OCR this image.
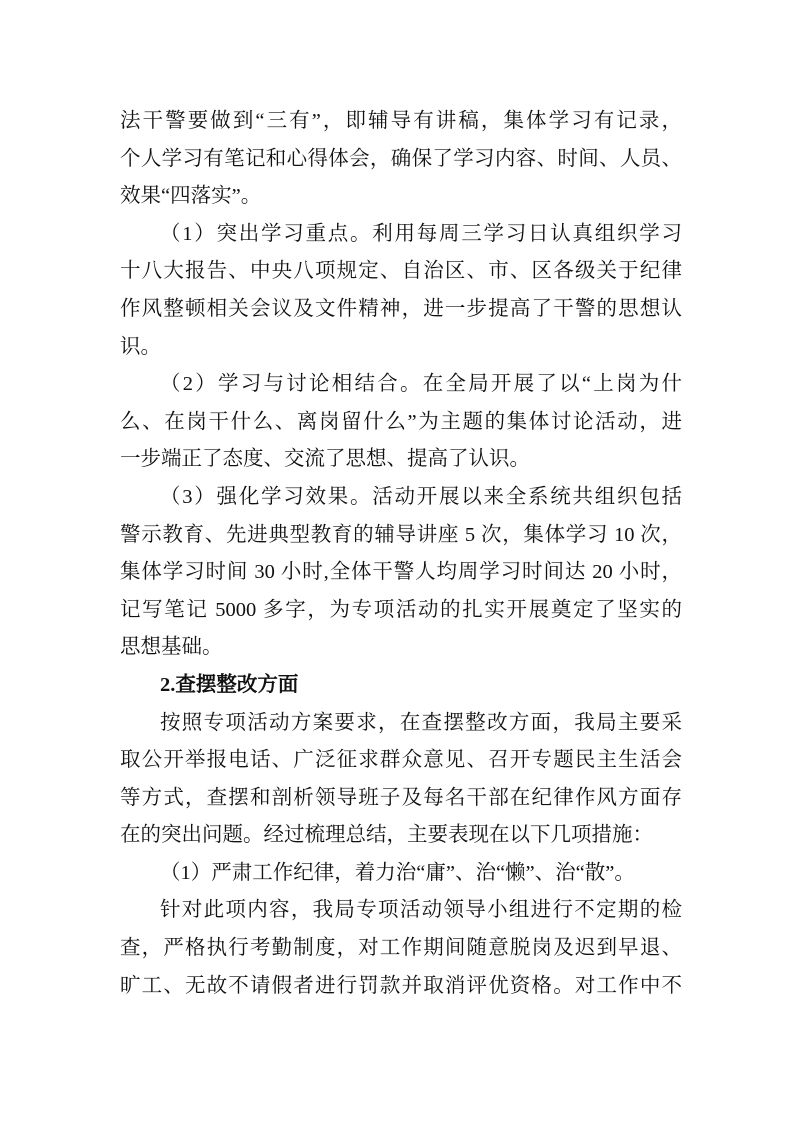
法干警要做到“三有”，即辅导有讲稿，集体学习有记录，
个人学习有笔记和心得体会，确保了学习内容、时间、人员、
效果“四落实”。
（1）突出学习重点。利用每周三学习日认真组织学习
十八大报告、中央八项规定、自治区、市、区各级关于纪律
作风整顿相关会议及文件精神，进一步提高了干警的思想认
识。
（2）学习与讨论相结合。在全局开展了以“上岗为什
么、在岗干什么、离岗留什么”为主题的集体讨论活动，进
一步端正了态度、交流了思想、提高了认识。
（3）强化学习效果。活动开展以来全系统共组织包括
警示教育、先进典型教育的辅导讲座 5 次，集体学习 10 次，
集体学习时间 30 小时,全体干警人均周学习时间达 20 小时，
记写笔记 5000 多字，为专项活动的扎实开展奠定了坚实的
思想基础。
2.查摆整改方面
按照专项活动方案要求，在查摆整改方面，我局主要采
取公开举报电话、广泛征求群众意见、召开专题民主生活会
等方式，查摆和剖析领导班子及每名干部在纪律作风方面存
在的突出问题。经过梳理总结，主要表现在以下几项措施：
（1）严肃工作纪律，着力治“庸”、治“懒”、治“散”。
针对此项内容，我局专项活动领导小组进行不定期的检
查，严格执行考勤制度，对工作期间随意脱岗及迟到早退、
旷工、无故不请假者进行罚款并取消评优资格。对工作中不
